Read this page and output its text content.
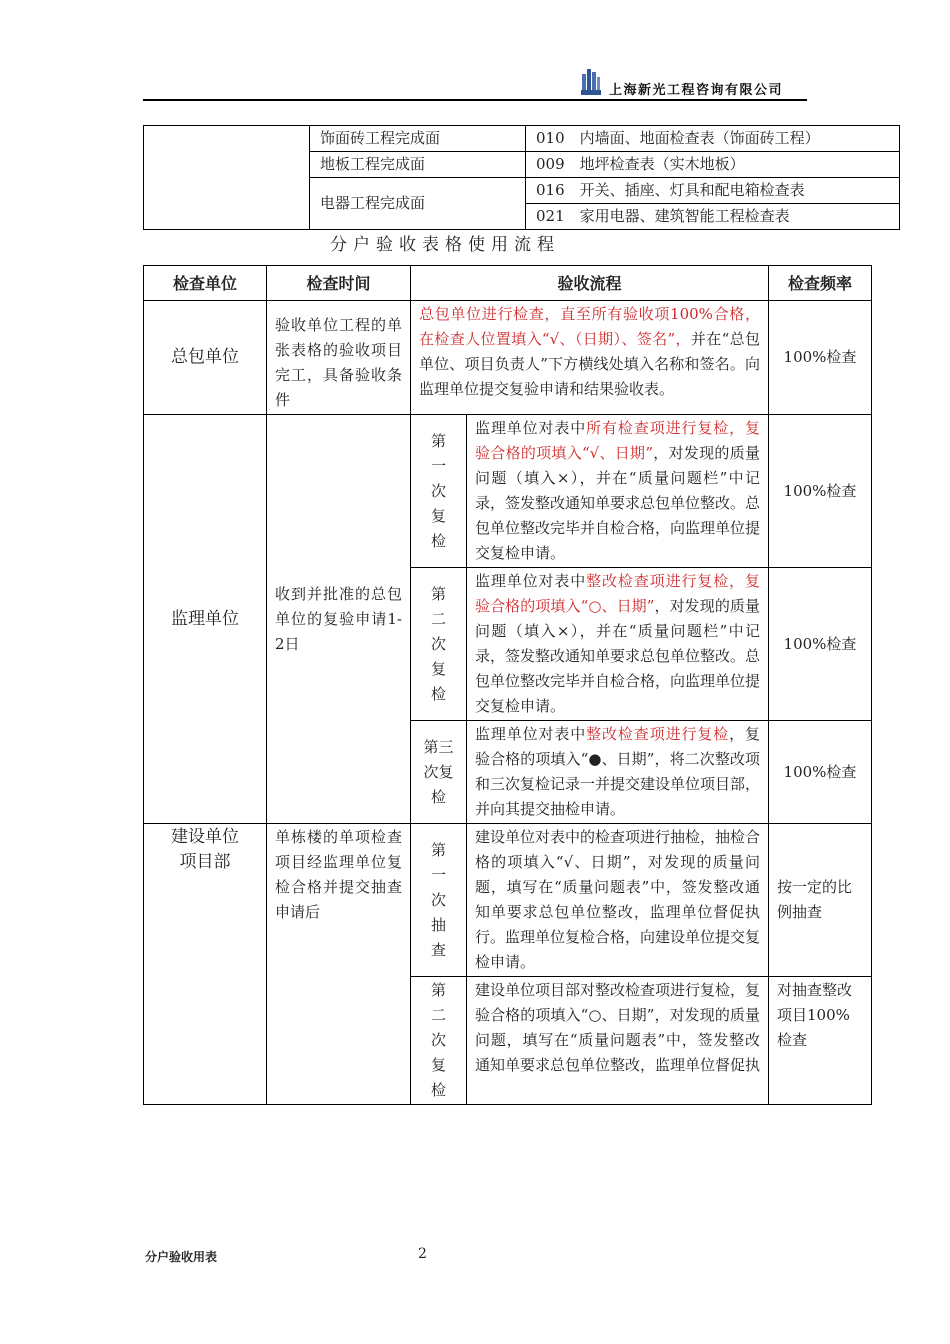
上海新光工程咨询有限公司
	饰面砖工程完成面	010　内墙面、地面检查表（饰面砖工程）
	地板工程完成面	009　地坪检查表（实木地板）
	电器工程完成面	016　开关、插座、灯具和配电箱检查表
		021　家用电器、建筑智能工程检查表
分户验收表格使用流程
检查单位	检查时间	验收流程		检查频率
总包单位	验收单位工程的单张表格的验收项目完工，具备验收条件	总包单位进行检查，直至所有验收项100%合格，在检查人位置填入“√、（日期）、签名”，并在“总包单位、项目负责人”下方横线处填入名称和签名。向监理单位提交复验申请和结果验收表。		100%检查
监理单位	收到并批准的总包单位的复验申请1-2日	第一次复检	监理单位对表中所有检查项进行复检，复验合格的项填入“√、日期”，对发现的质量问题（填入×），并在“质量问题栏”中记录，签发整改通知单要求总包单位整改。总包单位整改完毕并自检合格，向监理单位提交复检申请。	100%检查

		第二次复检	监理单位对表中整改检查项进行复检，复验合格的项填入“○、日期”，对发现的质量问题（填入×），并在“质量问题栏”中记录，签发整改通知单要求总包单位整改。总包单位整改完毕并自检合格，向监理单位提交复检申请。	100%检查

		第三次复检	监理单位对表中整改检查项进行复检，复验合格的项填入“●、日期”，将二次整改项和三次复检记录一并提交建设单位项目部，并向其提交抽检申请。	100%检查

建设单位项目部	单栋楼的单项检查项目经监理单位复检合格并提交抽查申请后	第一次抽查	建设单位对表中的检查项进行抽检，抽检合格的项填入“√、日期”，对发现的质量问题，填写在“质量问题表”中，签发整改通知单要求总包单位整改，监理单位督促执行。监理单位复检合格，向建设单位提交复检申请。	按一定的比例抽查

		第二次复检	建设单位项目部对整改检查项进行复检，复验合格的项填入“○、日期”，对发现的质量问题，填写在“质量问题表”中，签发整改通知单要求总包单位整改，监理单位督促执	对抽查整改项目100%检查
分户验收用表	2
